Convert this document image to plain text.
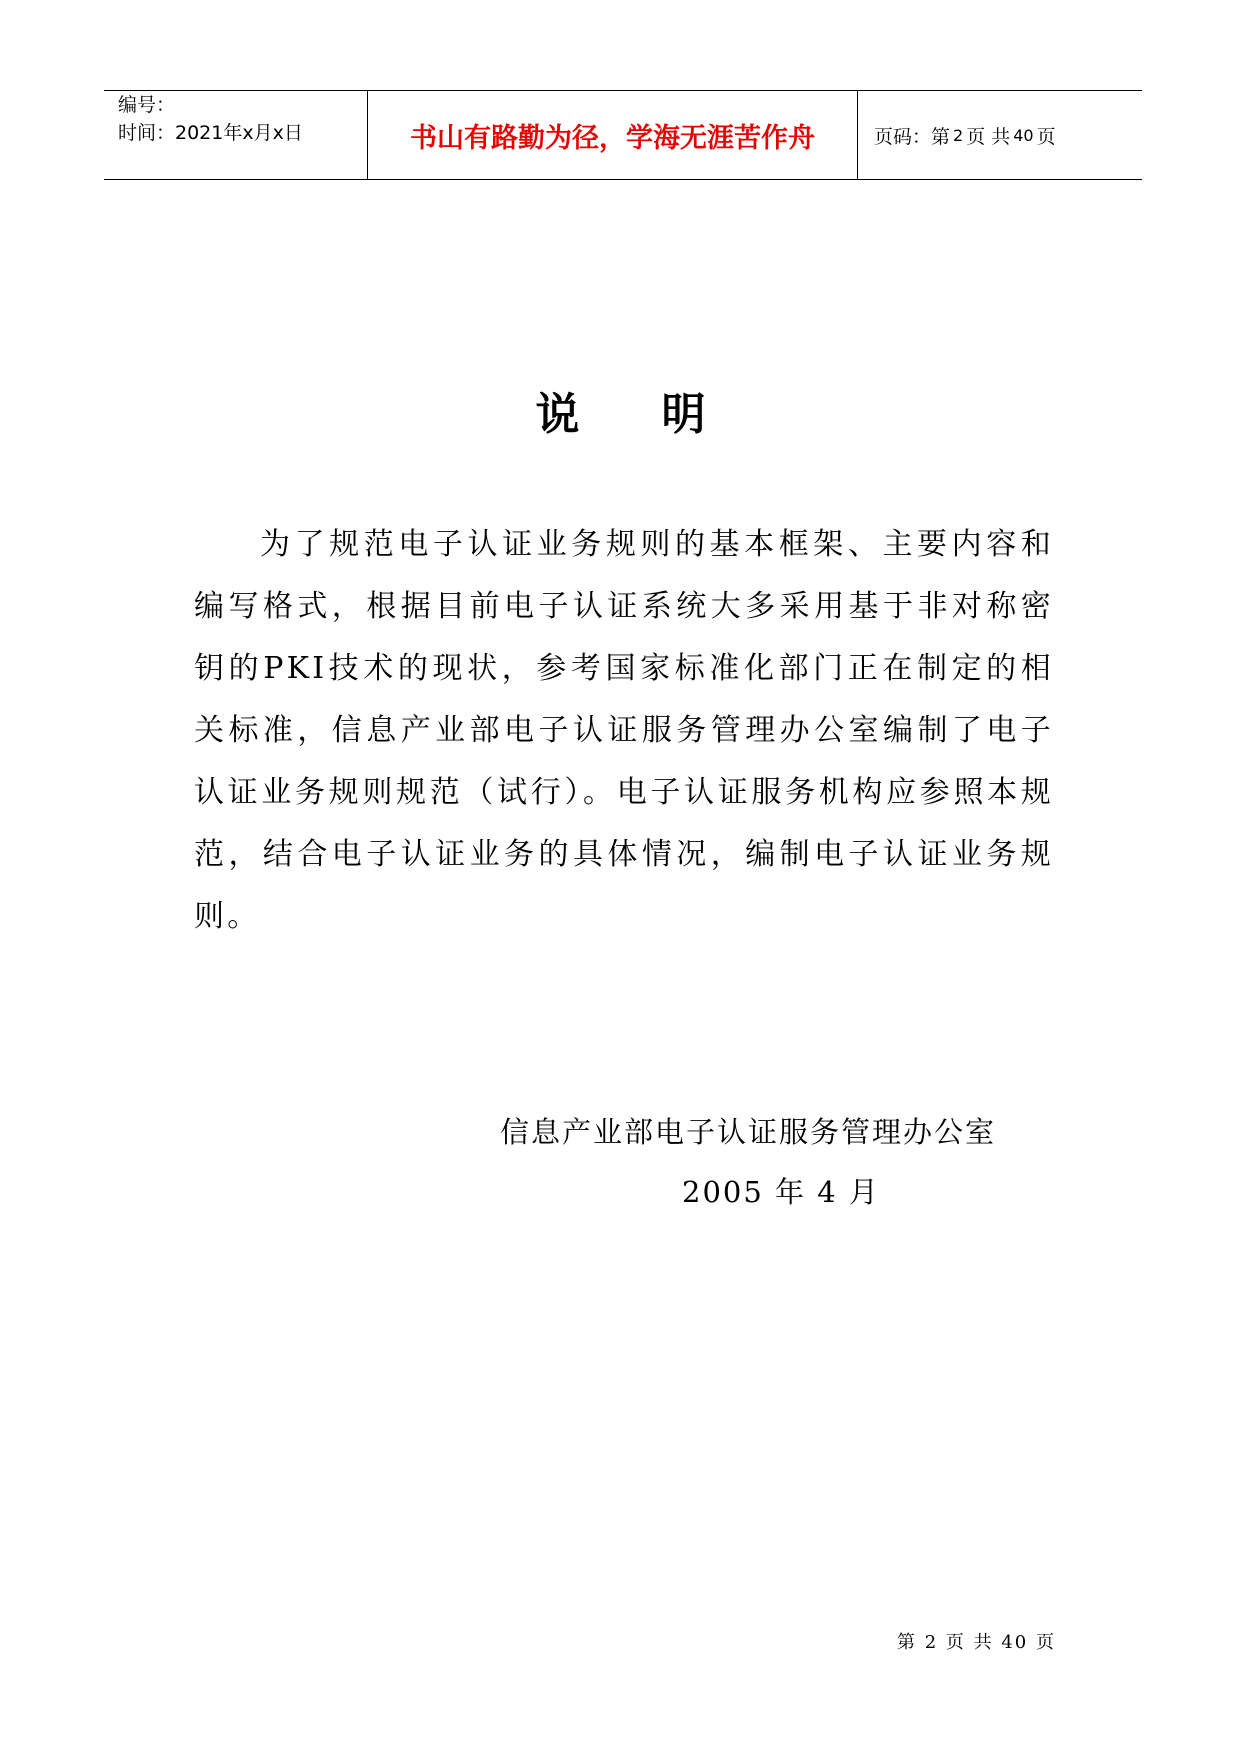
编号：
时间：2021年x月x日	书山有路勤为径，学海无涯苦作舟	页码：第 2 页 共 40 页
说 明

为了规范电子认证业务规则的基本框架、主要内容和编写格式，根据目前电子认证系统大多采用基于非对称密钥的PKI技术的现状，参考国家标准化部门正在制定的相关标准，信息产业部电子认证服务管理办公室编制了电子认证业务规则规范（试行）。电子认证服务机构应参照本规范，结合电子认证业务的具体情况，编制电子认证业务规则。

信息产业部电子认证服务管理办公室
2005 年 4 月
第 2 页 共 40 页
